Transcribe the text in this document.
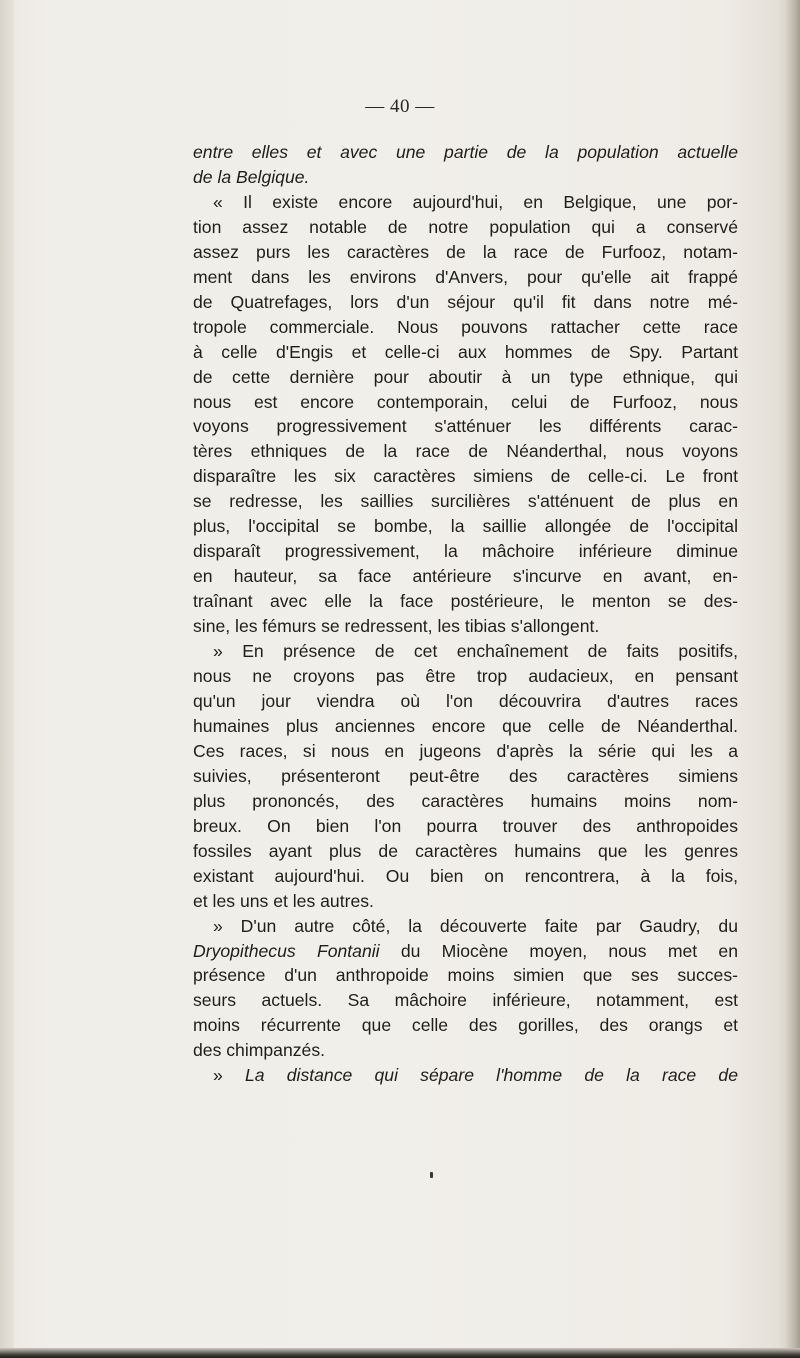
— 40 —

entre elles et avec une partie de la population actuelle
de la Belgique.
« Il existe encore aujourd'hui, en Belgique, une por-
tion assez notable de notre population qui a conservé
assez purs les caractères de la race de Furfooz, notam-
ment dans les environs d'Anvers, pour qu'elle ait frappé
de Quatrefages, lors d'un séjour qu'il fit dans notre mé-
tropole commerciale. Nous pouvons rattacher cette race
à celle d'Engis et celle-ci aux hommes de Spy. Partant
de cette dernière pour aboutir à un type ethnique, qui
nous est encore contemporain, celui de Furfooz, nous
voyons progressivement s'atténuer les différents carac-
tères ethniques de la race de Néanderthal, nous voyons
disparaître les six caractères simiens de celle-ci. Le front
se redresse, les saillies surcilières s'atténuent de plus en
plus, l'occipital se bombe, la saillie allongée de l'occipital
disparaît progressivement, la mâchoire inférieure diminue
en hauteur, sa face antérieure s'incurve en avant, en-
traînant avec elle la face postérieure, le menton se des-
sine, les fémurs se redressent, les tibias s'allongent.
» En présence de cet enchaînement de faits positifs,
nous ne croyons pas être trop audacieux, en pensant
qu'un jour viendra où l'on découvrira d'autres races
humaines plus anciennes encore que celle de Néanderthal.
Ces races, si nous en jugeons d'après la série qui les a
suivies, présenteront peut-être des caractères simiens
plus prononcés, des caractères humains moins nom-
breux. On bien l'on pourra trouver des anthropoides
fossiles ayant plus de caractères humains que les genres
existant aujourd'hui. Ou bien on rencontrera, à la fois,
et les uns et les autres.
» D'un autre côté, la découverte faite par Gaudry, du
Dryopithecus Fontanii du Miocène moyen, nous met en
présence d'un anthropoide moins simien que ses succes-
seurs actuels. Sa mâchoire inférieure, notamment, est
moins récurrente que celle des gorilles, des orangs et
des chimpanzés.
» La distance qui sépare l'homme de la race de
